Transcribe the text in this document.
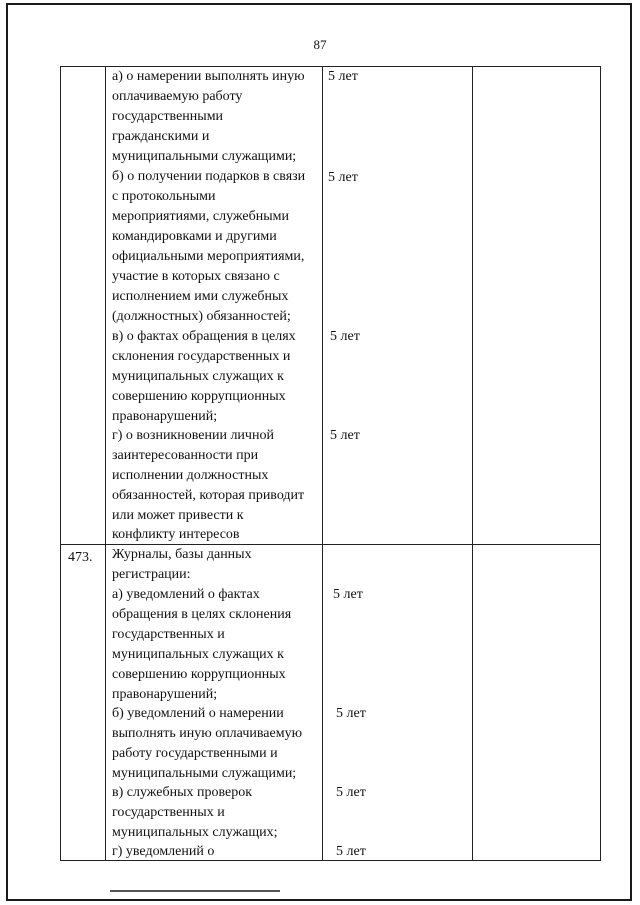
87
а) о намерении выполнять иную
оплачиваемую работу
государственными
гражданскими и
муниципальными служащими;
5 лет
б) о получении подарков в связи
с протокольными
мероприятиями, служебными
командировками и другими
официальными мероприятиями,
участие в которых связано с
исполнением ими служебных
(должностных) обязанностей;
5 лет
в) о фактах обращения в целях
склонения государственных и
муниципальных служащих к
совершению коррупционных
правонарушений;
5 лет
г) о возникновении личной
заинтересованности при
исполнении должностных
обязанностей, которая приводит
или может привести к
конфликту интересов
5 лет
473. Журналы, базы данных
регистрации:
а) уведомлений о фактах
обращения в целях склонения
государственных и
муниципальных служащих к
совершению коррупционных
правонарушений;
5 лет
б) уведомлений о намерении
выполнять иную оплачиваемую
работу государственными и
муниципальными служащими;
5 лет
в) служебных проверок
государственных и
муниципальных служащих;
5 лет
г) уведомлений о	5 лет
